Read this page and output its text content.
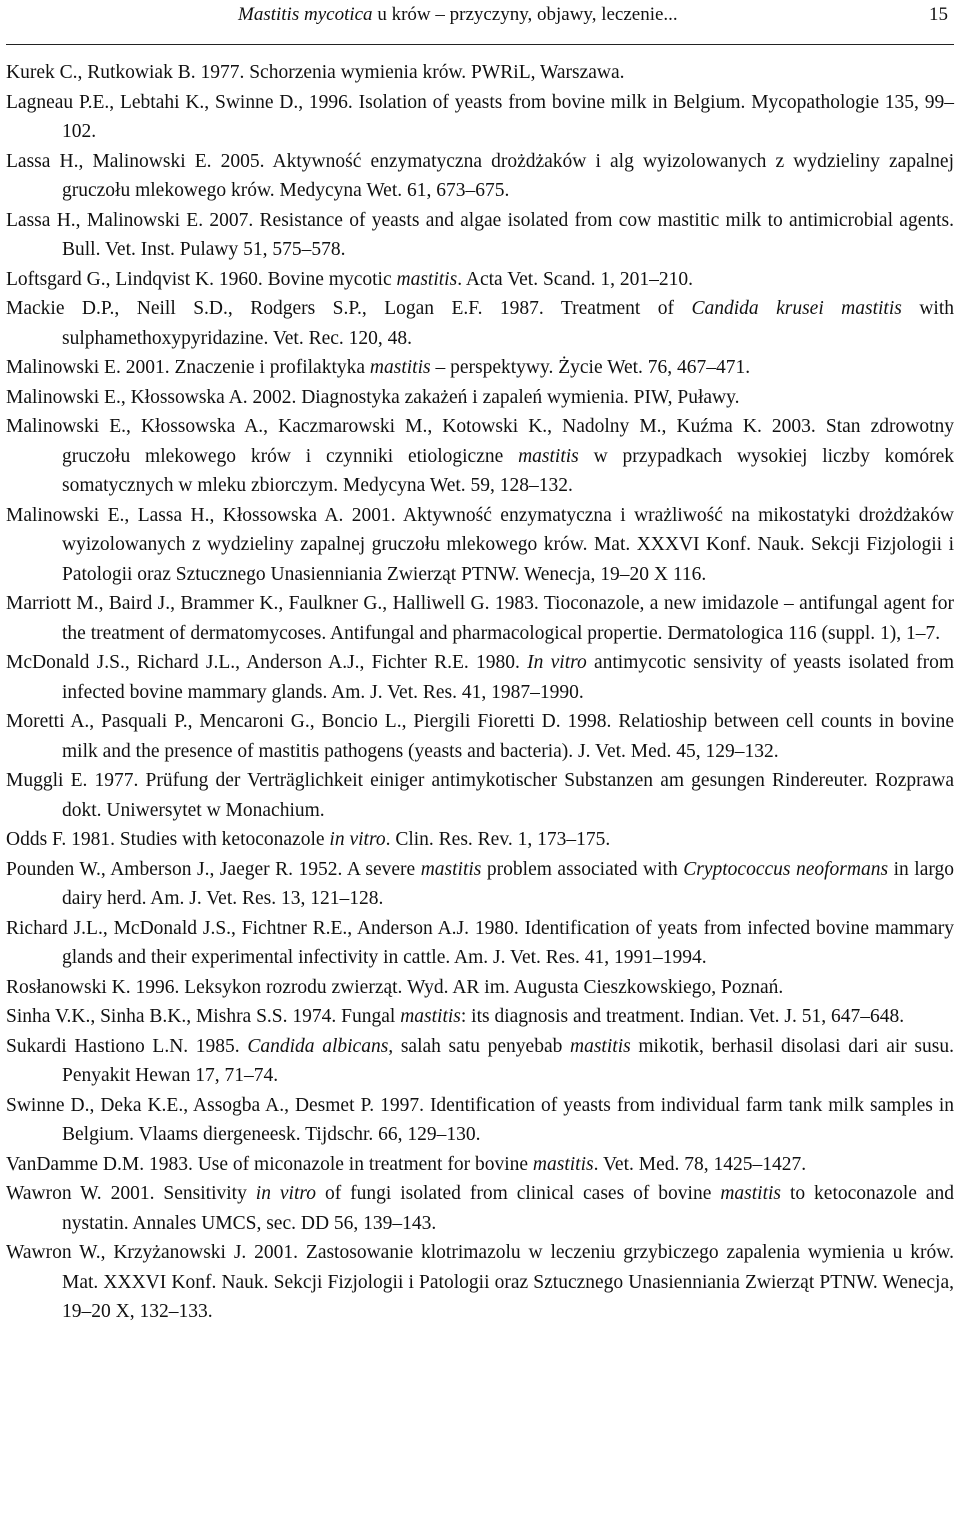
Mastitis mycotica u krów – przyczyny, objawy, leczenie...	15
Kurek C., Rutkowiak B. 1977. Schorzenia wymienia krów. PWRiL, Warszawa.
Lagneau P.E., Lebtahi K., Swinne D., 1996. Isolation of yeasts from bovine milk in Belgium. Mycopathologie 135, 99–102.
Lassa H., Malinowski E. 2005. Aktywność enzymatyczna drożdżaków i alg wyizolowanych z wydzieliny zapalnej gruczołu mlekowego krów. Medycyna Wet. 61, 673–675.
Lassa H., Malinowski E. 2007. Resistance of yeasts and algae isolated from cow mastitic milk to antimicrobial agents. Bull. Vet. Inst. Pulawy 51, 575–578.
Loftsgard G., Lindqvist K. 1960. Bovine mycotic mastitis. Acta Vet. Scand. 1, 201–210.
Mackie D.P., Neill S.D., Rodgers S.P., Logan E.F. 1987. Treatment of Candida krusei mastitis with sulphamethoxypyridazine. Vet. Rec. 120, 48.
Malinowski E. 2001. Znaczenie i profilaktyka mastitis – perspektywy. Życie Wet. 76, 467–471.
Malinowski E., Kłossowska A. 2002. Diagnostyka zakażeń i zapaleń wymienia. PIW, Puławy.
Malinowski E., Kłossowska A., Kaczmarowski M., Kotowski K., Nadolny M., Kuźma K. 2003. Stan zdrowotny gruczołu mlekowego krów i czynniki etiologiczne mastitis w przypadkach wysokiej liczby komórek somatycznych w mleku zbiorczym. Medycyna Wet. 59, 128–132.
Malinowski E., Lassa H., Kłossowska A. 2001. Aktywność enzymatyczna i wrażliwość na mikostatyki drożdżaków wyizolowanych z wydzieliny zapalnej gruczołu mlekowego krów. Mat. XXXVI Konf. Nauk. Sekcji Fizjologii i Patologii oraz Sztucznego Unasienniania Zwierząt PTNW. Wenecja, 19–20 X 116.
Marriott M., Baird J., Brammer K., Faulkner G., Halliwell G. 1983. Tioconazole, a new imidazole – antifungal agent for the treatment of dermatomycoses. Antifungal and pharmacological propertie. Dermatologica 116 (suppl. 1), 1–7.
McDonald J.S., Richard J.L., Anderson A.J., Fichter R.E. 1980. In vitro antimycotic sensivity of yeasts isolated from infected bovine mammary glands. Am. J. Vet. Res. 41, 1987–1990.
Moretti A., Pasquali P., Mencaroni G., Boncio L., Piergili Fioretti D. 1998. Relatioship between cell counts in bovine milk and the presence of mastitis pathogens (yeasts and bacteria). J. Vet. Med. 45, 129–132.
Muggli E. 1977. Prüfung der Verträglichkeit einiger antimykotischer Substanzen am gesungen Rindereuter. Rozprawa dokt. Uniwersytet w Monachium.
Odds F. 1981. Studies with ketoconazole in vitro. Clin. Res. Rev. 1, 173–175.
Pounden W., Amberson J., Jaeger R. 1952. A severe mastitis problem associated with Cryptococcus neoformans in largo dairy herd. Am. J. Vet. Res. 13, 121–128.
Richard J.L., McDonald J.S., Fichtner R.E., Anderson A.J. 1980. Identification of yeats from infected bovine mammary glands and their experimental infectivity in cattle. Am. J. Vet. Res. 41, 1991–1994.
Rosłanowski K. 1996. Leksykon rozrodu zwierząt. Wyd. AR im. Augusta Cieszkowskiego, Poznań.
Sinha V.K., Sinha B.K., Mishra S.S. 1974. Fungal mastitis: its diagnosis and treatment. Indian. Vet. J. 51, 647–648.
Sukardi Hastiono L.N. 1985. Candida albicans, salah satu penyebab mastitis mikotik, berhasil disolasi dari air susu. Penyakit Hewan 17, 71–74.
Swinne D., Deka K.E., Assogba A., Desmet P. 1997. Identification of yeasts from individual farm tank milk samples in Belgium. Vlaams diergeneesk. Tijdschr. 66, 129–130.
VanDamme D.M. 1983. Use of miconazole in treatment for bovine mastitis. Vet. Med. 78, 1425–1427.
Wawron W. 2001. Sensitivity in vitro of fungi isolated from clinical cases of bovine mastitis to ketoconazole and nystatin. Annales UMCS, sec. DD 56, 139–143.
Wawron W., Krzyżanowski J. 2001. Zastosowanie klotrimazolu w leczeniu grzybiczego zapalenia wymienia u krów. Mat. XXXVI Konf. Nauk. Sekcji Fizjologii i Patologii oraz Sztucznego Unasienniania Zwierząt PTNW. Wenecja, 19–20 X, 132–133.
